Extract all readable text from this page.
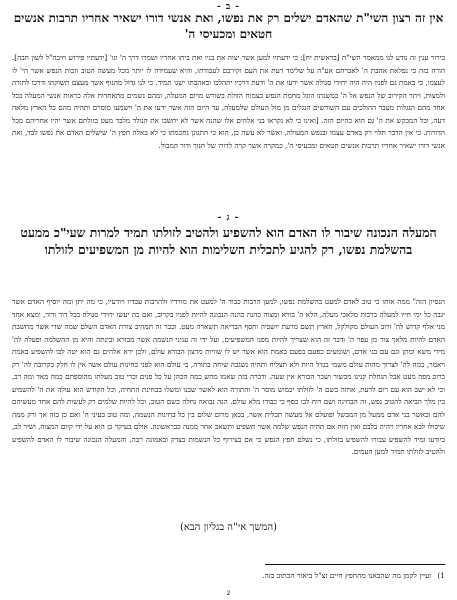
- ב -
אין זה רצון השי"ת שהאדם ישלים רק את נפשו, ואת אנשי דורו ישאיר אחריו תרבות אנשים חטאים ומכעיסי ה'
בירור ענין זה נודע לנו ממאמר השי"ת [בראשית יח]: כי ידעתיו למען אשר יצוה את בניו ואת ביתו אחריו ושמרו דרך ה' וגו' [ידעתיו פירוש חיבה"ל לשון חבה]. הורה בזה כי נפלאת אהבת ה' לאברהם אע"ה על שלימד דעת את העם וקירבם לעבודתו, והיא שעמידה לו יותר מכל מעשה הטוב וזכות הנפש אשר הי' לו לעצמו, כי באמת גם לפניו היה היה יחידי סגולה אשר ידעו את ה' ודעת דרכיו יתהלכו ובאהבתו ישגו תמיד. כי לנו גדול מהנוף אשר מעצם תשוקתו ודרכו לתורה ולמצות, ויתר הקירוב של הנפש אל ה' במשנתו הוגל מחמת הנפש בצמוח הזולת בשורש מרום המעלה, ומהם נשמים מתאחדות אלה כראות אנשי המעלה בכל אחד מהם הנגלות מעבר ההולכים עם השורשים הנגלים מן מול העולם שלמעלה, עד היום הזה אשר ידעו את ה' וישמעו מוסרם ותהיה מהם כל הארץ מלאה דעה, וכל המבקש את ה' גם הוא כהיום הזה. [ואינו כי לא נקראו בני אלהים אלו שהנה אשר לא יחשבו את הנולד מלבד מעט בזולתם אשר יהיו אחריהם מכל הדורות. כי אין הדבר תלוי רק באדם עצמו ובנפש המעולה, ואשר לא עשה כן, הוא כי התגונן נחכמתו כי לא באלה חפץ ה' שישלים האדם את נפשו לבד, ואת אנשי דורו ישאיר אחריו תרבות אנשים חטאים ומכעיסי ה', כמקרה אשר קרה לדורו של חנוך ודור המבול.
- ג -
המעלה הנכונה שיבור לו האדם הוא להשפיע ולהטיב לזולתו תמיד למרות שעי"כ ממעט בהשלמת נפשו, רק להגיע לתכלית השלימות הוא להיות מן המשפיעים לזולתו
הנסיון הזה" ממה אותו כי טוב לאדם למעט בהשלמת נפשו, למען הרבות כבוד ה' למעט את מורדיו ולהרבות עבדיו ויודעיו, כי מה יתן ומה יוסיף האדם אשר יגבה כל ימי חייו למעלה ברבות מלאכי מעלה, הלא ה' בורא ומצוה כהנה כהנה הנכונה להיות לפניו בקרוב, ואם כה יעשו יחידי סגולה בכל דור ודור, ימצא אחד מני אלף קדוש לה' ורוב העולם מקולקל, הארץ תשם מרעת יושביה וחסף הבריאה תשארה מעט. וכבר זה תמהיב צורת האדם השלם שמה שדי אשר מחשבת האדם להיות מלאך צור מן עפר ה' ודבר זה הוא שצריך להיות מפני המשפיעים, ועל ידי זה עניני הנשמה אשר מבורא ובינתה והיא מן ההשלמה ופעלה לה' מידי משא ומתן וגם עם בני אדם, ושומעים כפעם בפעם באמת הוא אשר יש לו שוויות מרצון הבורא עולם, ולכן ירא אלהים גם הוא יטה לבו להשפיע באמת ויאמר, כמה לה' לצרוך מהות עולם משמי בגדל היות ולא תצליח ותהיה נשגבה שיחה בתורה, כי עולם הוא לפני בחינות עולם אשר אין לו חלק בקרובה לה' רק כרוב מפה מעט אבל הנחלת קנינו מכשור ושכר הבורא אין שעה. ודברה בזה שאמו מהש כמה הכהן על כל פנים וכדי טוב מעלתו מהוספתם כמה מאד ומה רב, וכי לא ישב הוא עם רום לדעת, אחזה בשם ה' לזולתו יכמוש מוסר ה' והתורה הוא לאשר שבנו ומשלו בבחינת התחיה, וכל הקודש הוא עולה את ה' להשמיע בין מלך הביאה להטיב נפש, זה הבחינה ושם רוח לבו כסף כי כבודו מלא עולם. הנה נבואה נחלה בשם הטוב, וכל להיות שלמים רק לעשות להם אחד מעשיהם להם וכאשר בני אדם ממעל מן המבשל ופועלם אל מעשה תכלית אשר, בכאן מרום שלום בין כל בחינות הנשמה, ומה טוב בעיני ה' ואם כן בזה אך ורק ממה שיכולו לבא אחריו ויהיה בלבם ואין חזה אם תהיה הנפש שלמה אשר תשפיע ותשאב אחר ממנה כבראשונה. אולם בעיקר כן הוא על ידי קיום המצוה, ושיר לב, ביודעו ומיד להשפיע עבורו להשפיע בזולתו, כי נשלם חפץ הנפש כי אם בצירוף כל הנשמות בצדק ובאמונה רבה, והמעלה הנכונה שיבור לו האדם להשפיע ולהטיב לזולתו תמיד למען העמים.
(המשך אי"ה בגליון הבא)
1) ועיין לקמן מה שהבאנו מהחפץ חיים זצ"ל ביאור הכתוב בזה.
2
